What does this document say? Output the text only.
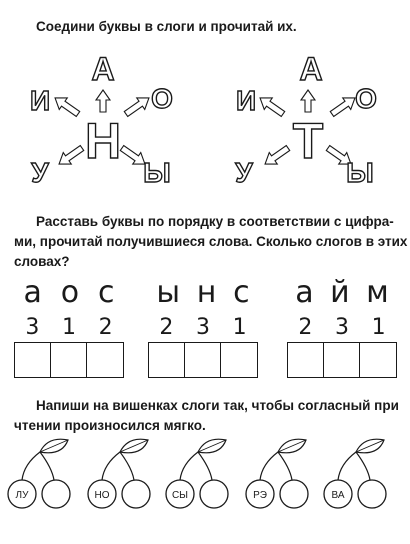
Соедини буквы в слоги и прочитай их.
Н
А
И	О
У	Ы
Т
А
И	О
У	Ы
Расставь буквы по порядку в соответствии с цифра-
ми, прочитай получившиеся слова. Сколько слогов в этих
словах?
а о с
3 1 2
ы н с
2 3 1
а й м
2 3 1
Напиши на вишенках слоги так, чтобы согласный при
чтении произносился мягко.
ЛУ	НО	СЫ	РЭ	ВА
